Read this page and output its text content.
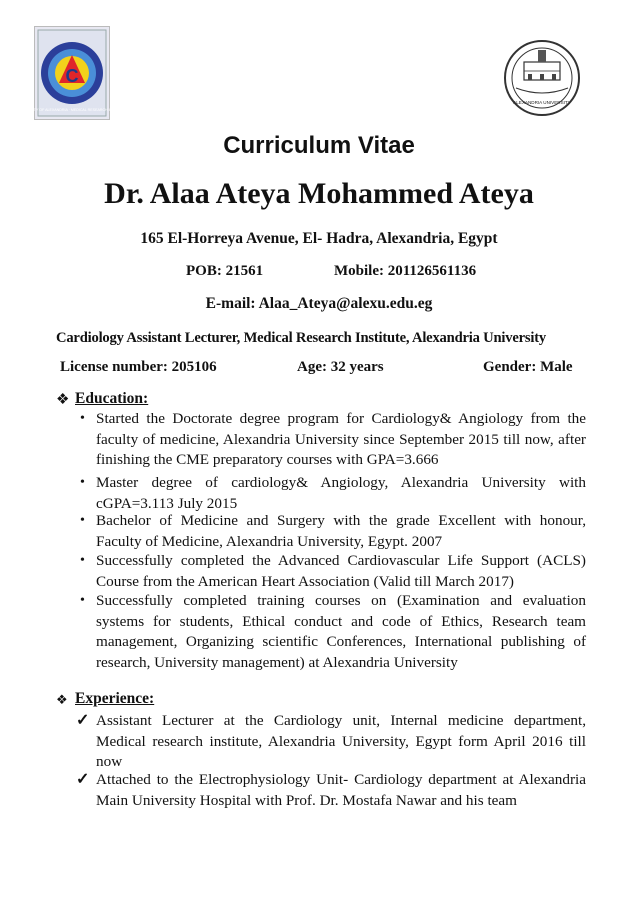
C
UNIVERSITY OF ALEXANDRIA · MEDICAL RESEARCH INSTITUTE
ALEXANDRIA UNIVERSITY
Curriculum Vitae
Dr. Alaa Ateya Mohammed Ateya
165 El-Horreya Avenue, El- Hadra, Alexandria, Egypt
POB: 21561	Mobile: 201126561136
E-mail: Alaa_Ateya@alexu.edu.eg
Cardiology Assistant Lecturer, Medical Research Institute, Alexandria University
License number: 205106	Age: 32 years	Gender: Male
❖ Education:
• Started the Doctorate degree program for Cardiology& Angiology from the faculty of medicine, Alexandria University since September 2015 till now, after finishing the CME preparatory courses with GPA=3.666
• Master degree of cardiology& Angiology, Alexandria University with cGPA=3.113 July 2015
• Bachelor of Medicine and Surgery with the grade Excellent with honour, Faculty of Medicine, Alexandria University, Egypt. 2007
• Successfully completed the Advanced Cardiovascular Life Support (ACLS) Course from the American Heart Association (Valid till March 2017)
• Successfully completed training courses on (Examination and evaluation systems for students, Ethical conduct and code of Ethics, Research team management, Organizing scientific Conferences, International publishing of research, University management) at Alexandria University
❖ Experience:
✓ Assistant Lecturer at the Cardiology unit, Internal medicine department, Medical research institute, Alexandria University, Egypt form April 2016 till now
✓ Attached to the Electrophysiology Unit- Cardiology department at Alexandria Main University Hospital with Prof. Dr. Mostafa Nawar and his team
